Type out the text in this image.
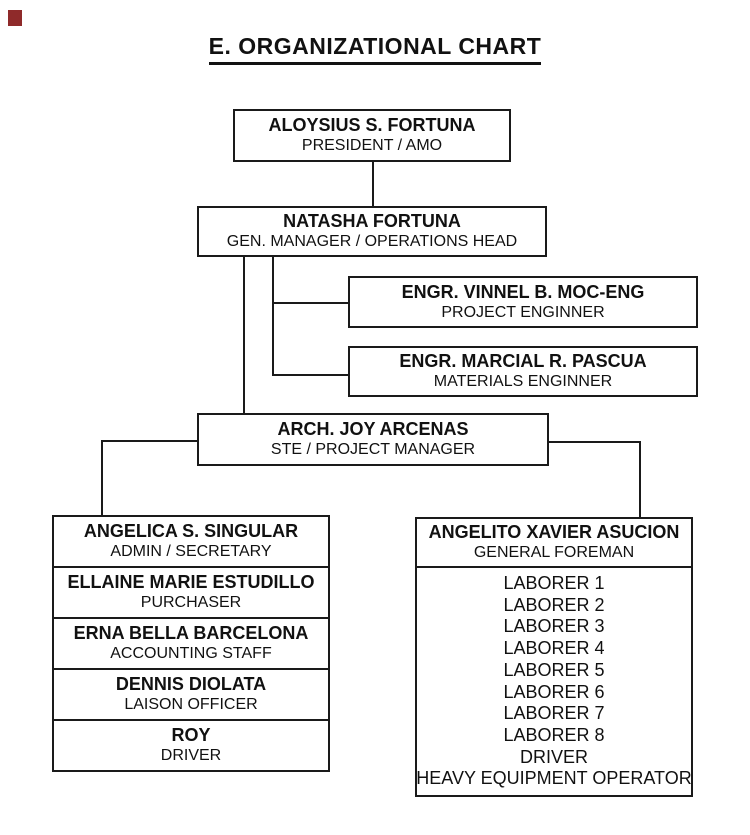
E. ORGANIZATIONAL CHART
ALOYSIUS S. FORTUNA
PRESIDENT / AMO
NATASHA FORTUNA
GEN. MANAGER / OPERATIONS HEAD
ENGR. VINNEL B. MOC-ENG
PROJECT ENGINNER
ENGR. MARCIAL R. PASCUA
MATERIALS ENGINNER
ARCH. JOY ARCENAS
STE / PROJECT MANAGER
ANGELICA S. SINGULAR
ADMIN / SECRETARY
ELLAINE MARIE ESTUDILLO
PURCHASER
ERNA BELLA BARCELONA
ACCOUNTING STAFF
DENNIS DIOLATA
LAISON OFFICER
ROY
DRIVER
ANGELITO XAVIER ASUCION
GENERAL FOREMAN
LABORER 1
LABORER 2
LABORER 3
LABORER 4
LABORER 5
LABORER 6
LABORER 7
LABORER 8
DRIVER
HEAVY EQUIPMENT OPERATOR
